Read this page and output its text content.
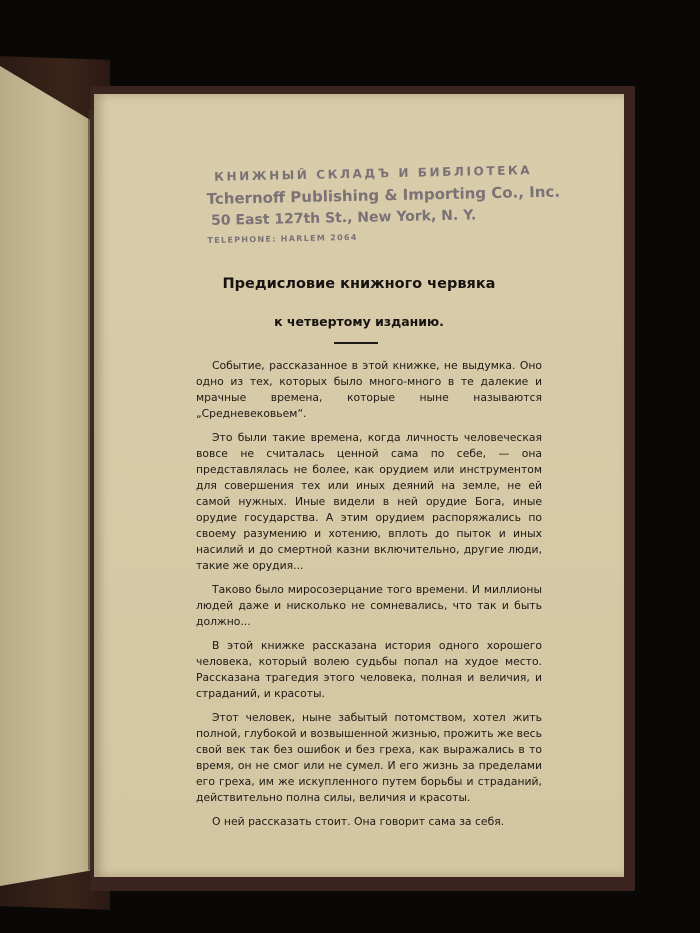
КНИЖНЫЙ СКЛАДЪ И БИБЛІОТЕКА
Tchernoff Publishing & Importing Co., Inc.
50 East 127th St., New York, N. Y.
TELEPHONE: HARLEM 2064
Предисловие книжного червяка
к четвертому изданию.

Событие, рассказанное в этой книжке, не выдумка. Оно одно из тех, которых было много-много в те далекие и мрачные времена, которые ныне называются „Средневековьем“.

Это были такие времена, когда личность человеческая вовсе не считалась ценной сама по себе, — она представлялась не более, как орудием или инструментом для совершения тех или иных деяний на земле, не ей самой нужных. Иные видели в ней орудие Бога, иные орудие государства. А этим орудием распоряжались по своему разумению и хотению, вплоть до пыток и иных насилий и до смертной казни включительно, другие люди, такие же орудия...

Таково было миросозерцание того времени. И миллионы людей даже и нисколько не сомневались, что так и быть должно...

В этой книжке рассказана история одного хорошего человека, который волею судьбы попал на худое место. Рассказана трагедия этого человека, полная и величия, и страданий, и красоты.

Этот человек, ныне забытый потомством, хотел жить полной, глубокой и возвышенной жизнью, прожить же весь свой век так без ошибок и без греха, как выражались в то время, он не смог или не сумел. И его жизнь за пределами его греха, им же искупленного путем борьбы и страданий, действительно полна силы, величия и красоты.

О ней рассказать стоит. Она говорит сама за себя.
